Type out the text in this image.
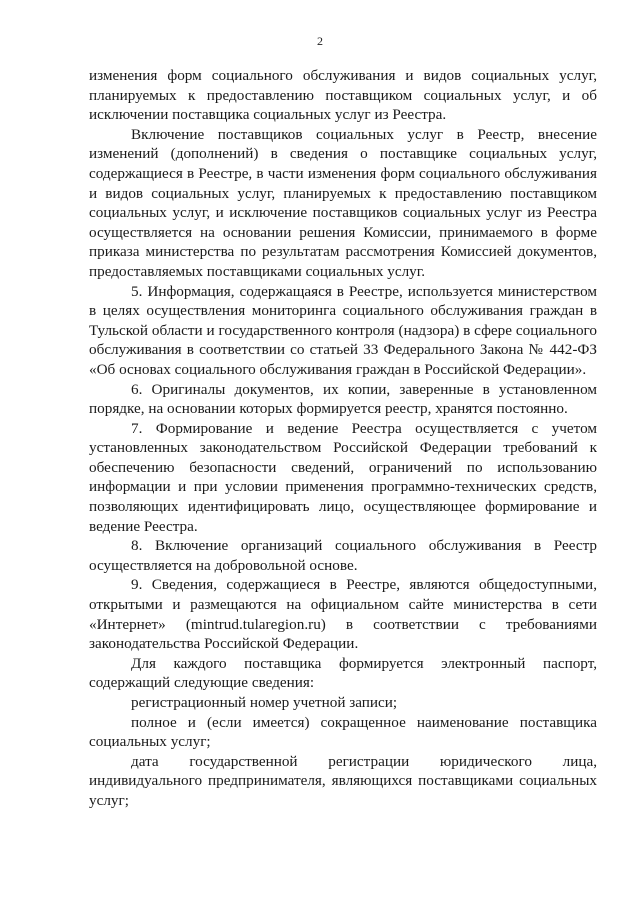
2

изменения форм социального обслуживания и видов социальных услуг, планируемых к предоставлению поставщиком социальных услуг, и об исключении поставщика социальных услуг из Реестра.

Включение поставщиков социальных услуг в Реестр, внесение изменений (дополнений) в сведения о поставщике социальных услуг, содержащиеся в Реестре, в части изменения форм социального обслуживания и видов социальных услуг, планируемых к предоставлению поставщиком социальных услуг, и исключение поставщиков социальных услуг из Реестра осуществляется на основании решения Комиссии, принимаемого в форме приказа министерства по результатам рассмотрения Комиссией документов, предоставляемых поставщиками социальных услуг.

5. Информация, содержащаяся в Реестре, используется министерством в целях осуществления мониторинга социального обслуживания граждан в Тульской области и государственного контроля (надзора) в сфере социального обслуживания в соответствии со статьей 33 Федерального Закона № 442-ФЗ «Об основах социального обслуживания граждан в Российской Федерации».

6. Оригиналы документов, их копии, заверенные в установленном порядке, на основании которых формируется реестр, хранятся постоянно.

7. Формирование и ведение Реестра осуществляется с учетом установленных законодательством Российской Федерации требований к обеспечению безопасности сведений, ограничений по использованию информации и при условии применения программно-технических средств, позволяющих идентифицировать лицо, осуществляющее формирование и ведение Реестра.

8. Включение организаций социального обслуживания в Реестр осуществляется на добровольной основе.

9. Сведения, содержащиеся в Реестре, являются общедоступными, открытыми и размещаются на официальном сайте министерства в сети «Интернет» (mintrud.tularegion.ru) в соответствии с требованиями законодательства Российской Федерации.

Для каждого поставщика формируется электронный паспорт, содержащий следующие сведения:

регистрационный номер учетной записи;

полное и (если имеется) сокращенное наименование поставщика социальных услуг;

дата государственной регистрации юридического лица, индивидуального предпринимателя, являющихся поставщиками социальных услуг;
